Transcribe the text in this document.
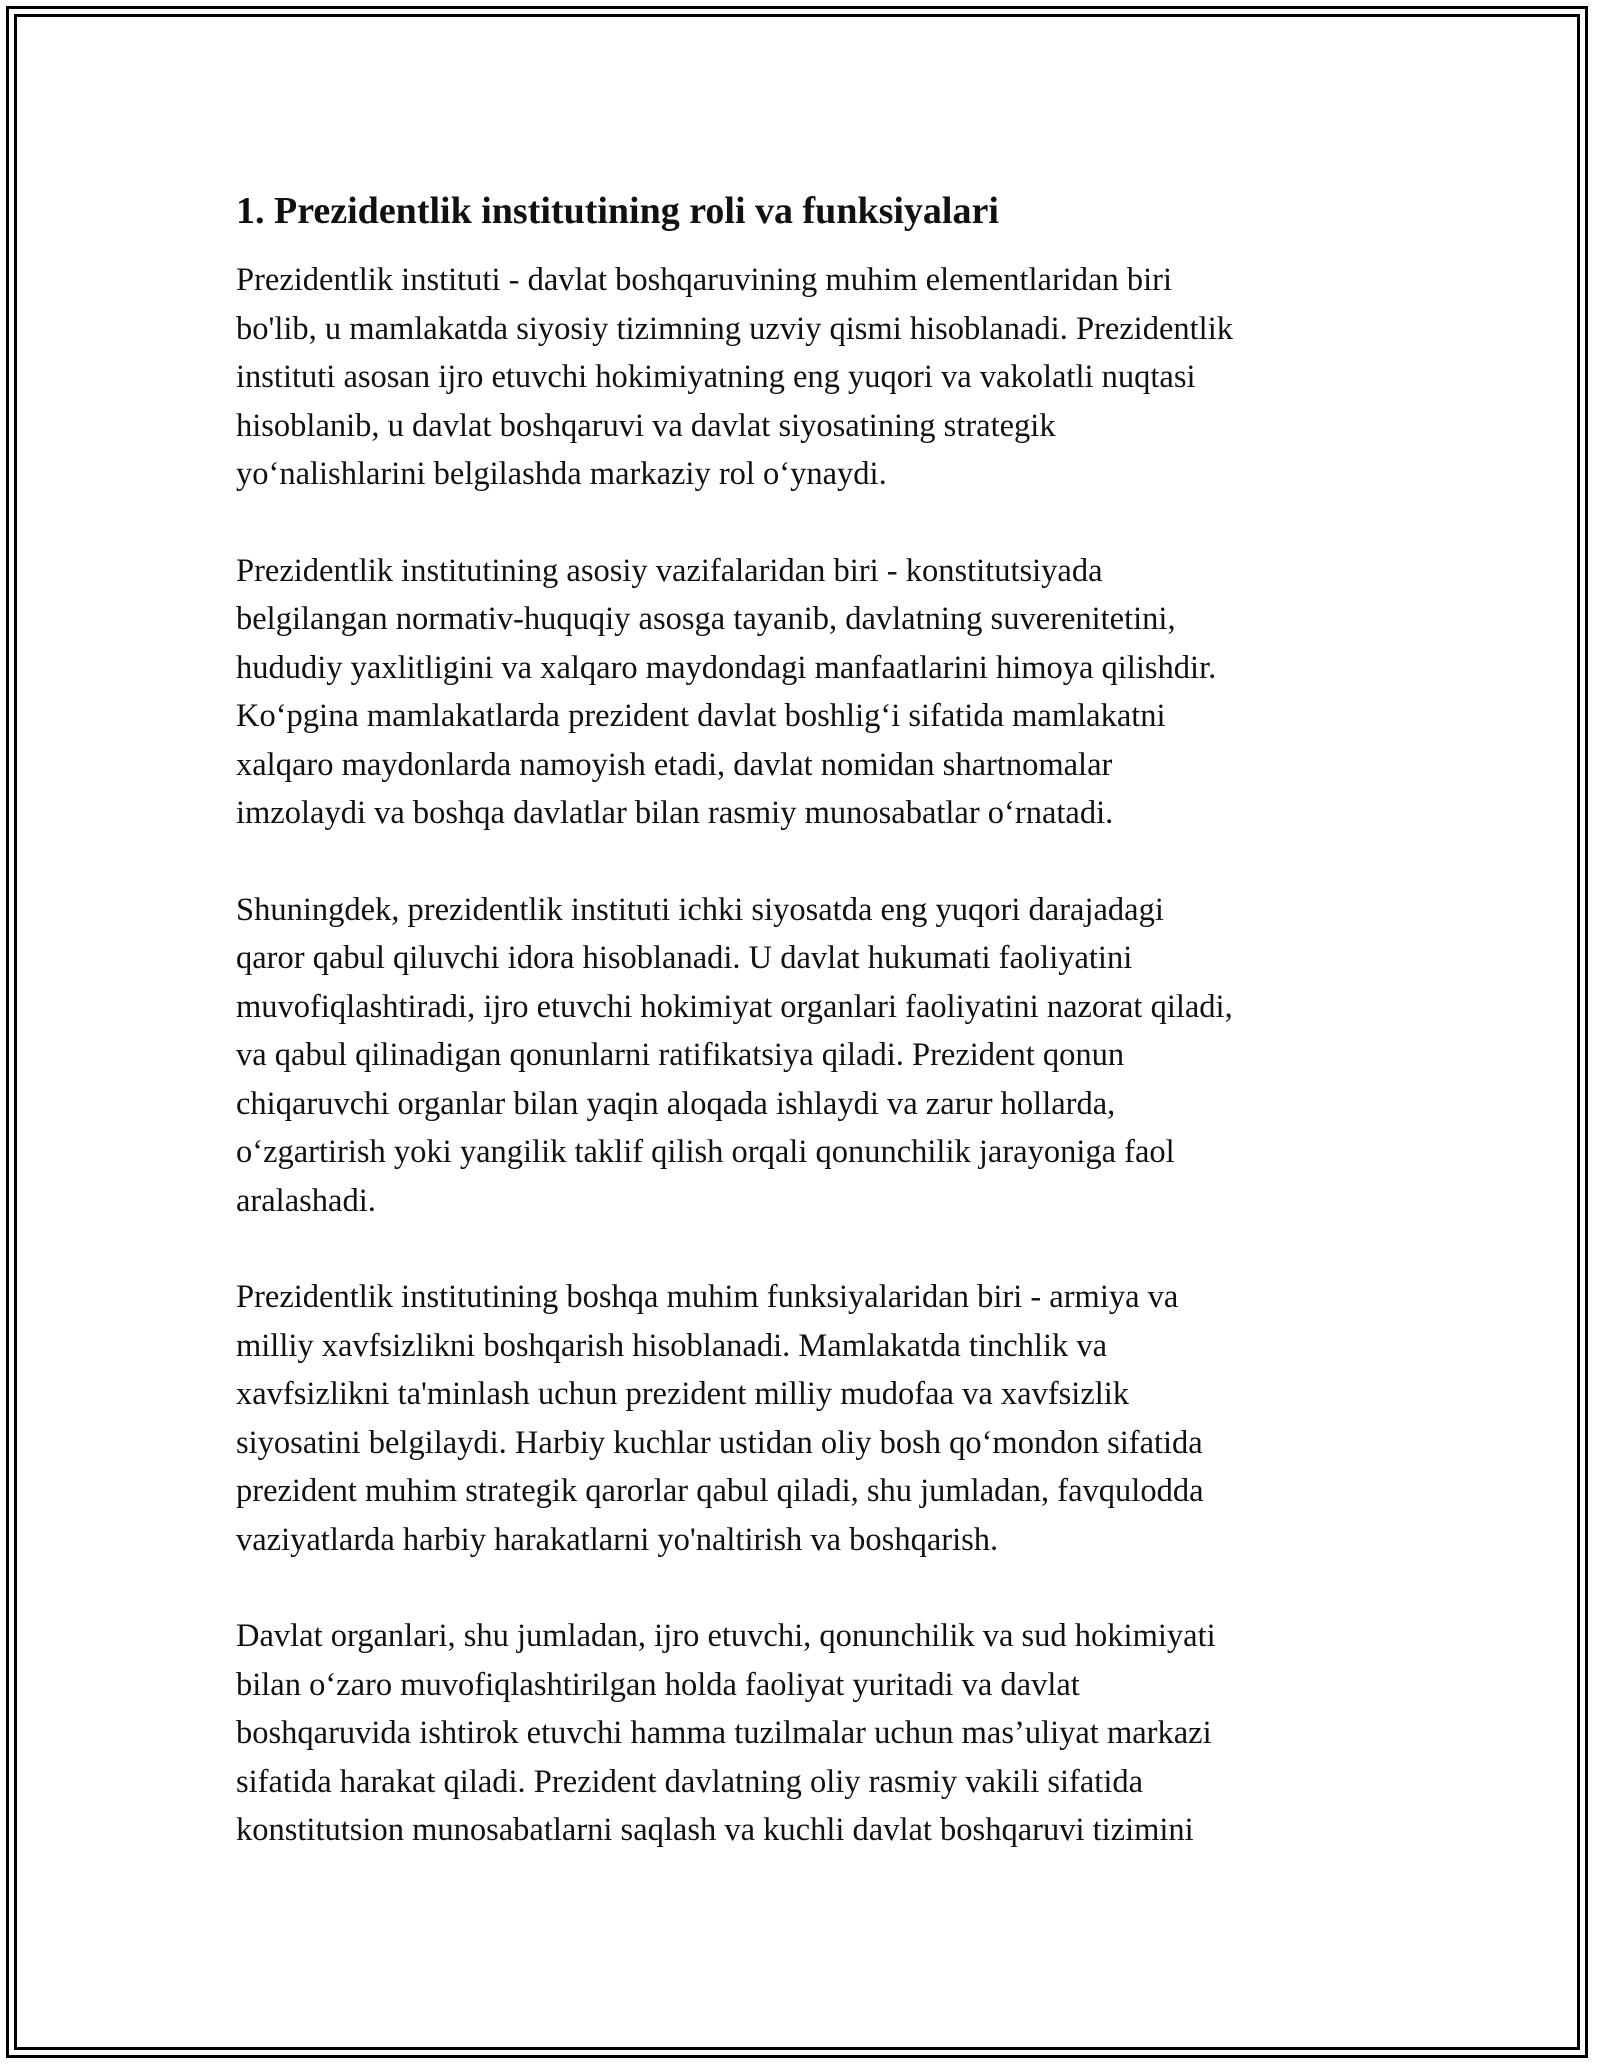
1. Prezidentlik institutining roli va funksiyalari
Prezidentlik instituti - davlat boshqaruvining muhim elementlaridan biri
bo'lib, u mamlakatda siyosiy tizimning uzviy qismi hisoblanadi. Prezidentlik
instituti asosan ijro etuvchi hokimiyatning eng yuqori va vakolatli nuqtasi
hisoblanib, u davlat boshqaruvi va davlat siyosatining strategik
yo‘nalishlarini belgilashda markaziy rol o‘ynaydi.
Prezidentlik institutining asosiy vazifalaridan biri - konstitutsiyada
belgilangan normativ-huquqiy asosga tayanib, davlatning suverenitetini,
hududiy yaxlitligini va xalqaro maydondagi manfaatlarini himoya qilishdir.
Ko‘pgina mamlakatlarda prezident davlat boshlig‘i sifatida mamlakatni
xalqaro maydonlarda namoyish etadi, davlat nomidan shartnomalar
imzolaydi va boshqa davlatlar bilan rasmiy munosabatlar o‘rnatadi.
Shuningdek, prezidentlik instituti ichki siyosatda eng yuqori darajadagi
qaror qabul qiluvchi idora hisoblanadi. U davlat hukumati faoliyatini
muvofiqlashtiradi, ijro etuvchi hokimiyat organlari faoliyatini nazorat qiladi,
va qabul qilinadigan qonunlarni ratifikatsiya qiladi. Prezident qonun
chiqaruvchi organlar bilan yaqin aloqada ishlaydi va zarur hollarda,
o‘zgartirish yoki yangilik taklif qilish orqali qonunchilik jarayoniga faol
aralashadi.
Prezidentlik institutining boshqa muhim funksiyalaridan biri - armiya va
milliy xavfsizlikni boshqarish hisoblanadi. Mamlakatda tinchlik va
xavfsizlikni ta'minlash uchun prezident milliy mudofaa va xavfsizlik
siyosatini belgilaydi. Harbiy kuchlar ustidan oliy bosh qo‘mondon sifatida
prezident muhim strategik qarorlar qabul qiladi, shu jumladan, favqulodda
vaziyatlarda harbiy harakatlarni yo'naltirish va boshqarish.
Davlat organlari, shu jumladan, ijro etuvchi, qonunchilik va sud hokimiyati
bilan o‘zaro muvofiqlashtirilgan holda faoliyat yuritadi va davlat
boshqaruvida ishtirok etuvchi hamma tuzilmalar uchun mas’uliyat markazi
sifatida harakat qiladi. Prezident davlatning oliy rasmiy vakili sifatida
konstitutsion munosabatlarni saqlash va kuchli davlat boshqaruvi tizimini
